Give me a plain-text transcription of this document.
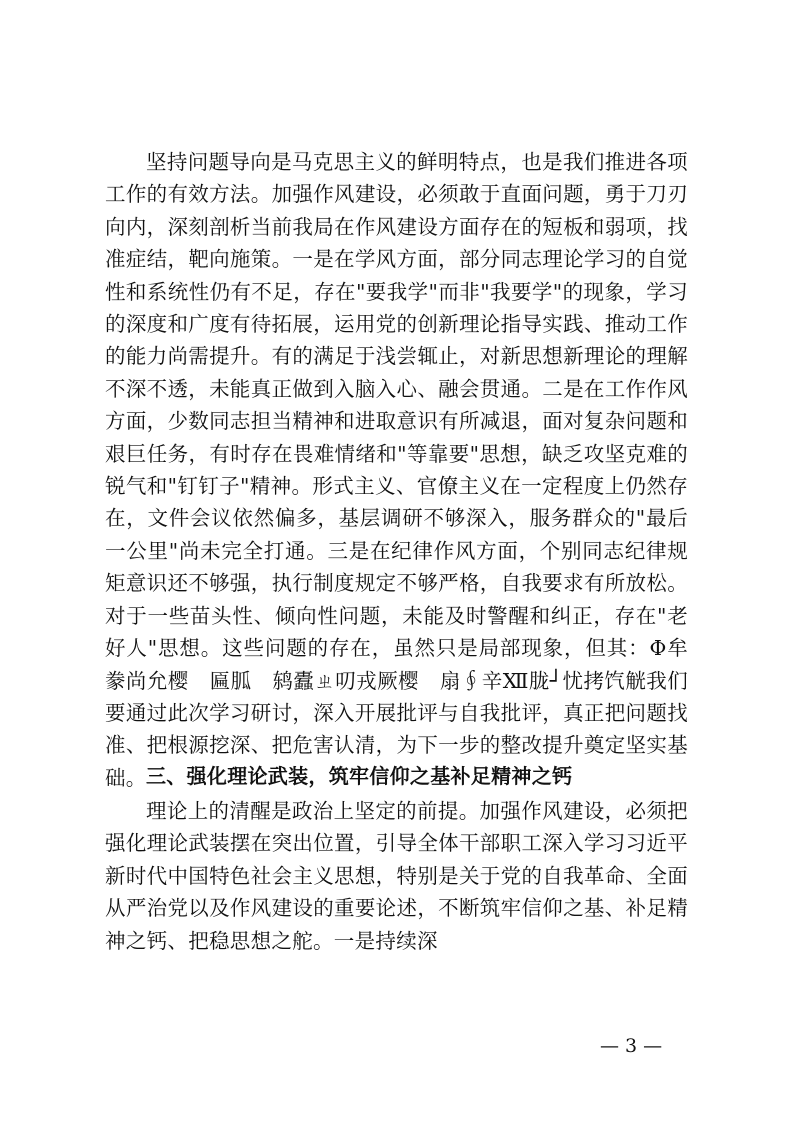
坚持问题导向是马克思主义的鲜明特点，也是我们推进各项工作的有效方法。加强作风建设，必须敢于直面问题，勇于刀刃向内，深刻剖析当前我局在作风建设方面存在的短板和弱项，找准症结，靶向施策。一是在学风方面，部分同志理论学习的自觉性和系统性仍有不足，存在"要我学"而非"我要学"的现象，学习的深度和广度有待拓展，运用党的创新理论指导实践、推动工作的能力尚需提升。有的满足于浅尝辄止，对新思想新理论的理解不深不透，未能真正做到入脑入心、融会贯通。二是在工作作风方面，少数同志担当精神和进取意识有所减退，面对复杂问题和艰巨任务，有时存在畏难情绪和"等靠要"思想，缺乏攻坚克难的锐气和"钉钉子"精神。形式主义、官僚主义在一定程度上仍然存在，文件会议依然偏多，基层调研不够深入，服务群众的"最后一公里"尚未完全打通。三是在纪律作风方面，个别同志纪律规矩意识还不够强，执行制度规定不够严格，自我要求有所放松。对于一些苗头性、倾向性问题，未能及时警醒和纠正，存在"老好人"思想。这些问题的存在，虽然只是局部现象，但其：Φ牟豢尚允樱　匾胍　鸫蠹ㄓ叨戎厥樱　扇∮辛Ⅻ胧┘忧拷饩觥我们要通过此次学习研讨，深入开展批评与自我批评，真正把问题找准、把根源挖深、把危害认清，为下一步的整改提升奠定坚实基础。 三、强化理论武装，筑牢信仰之基补足精神之钙
理论上的清醒是政治上坚定的前提。加强作风建设，必须把强化理论武装摆在突出位置，引导全体干部职工深入学习习近平新时代中国特色社会主义思想，特别是关于党的自我革命、全面从严治党以及作风建设的重要论述，不断筑牢信仰之基、补足精神之钙、把稳思想之舵。一是持续深
— 3 —
